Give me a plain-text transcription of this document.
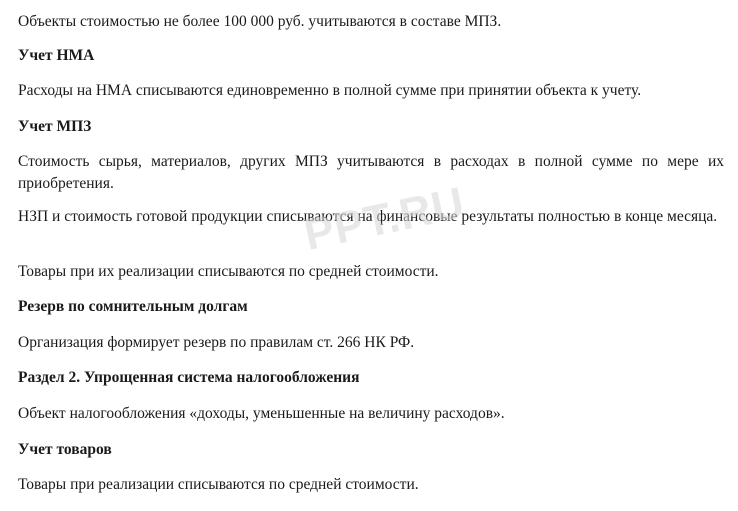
Объекты стоимостью не более 100 000 руб. учитываются в составе МПЗ.

Учет НМА

Расходы на НМА списываются единовременно в полной сумме при принятии объекта к учету.

Учет МПЗ

Стоимость сырья, материалов, других МПЗ учитываются в расходах в полной сумме по мере их приобретения.

НЗП и стоимость готовой продукции списываются на финансовые результаты полностью в конце месяца.

Товары при их реализации списываются по средней стоимости.

Резерв по сомнительным долгам

Организация формирует резерв по правилам ст. 266 НК РФ.

Раздел 2. Упрощенная система налогообложения

Объект налогообложения «доходы, уменьшенные на величину расходов».

Учет товаров

Товары при реализации списываются по средней стоимости.

PPT.RU
